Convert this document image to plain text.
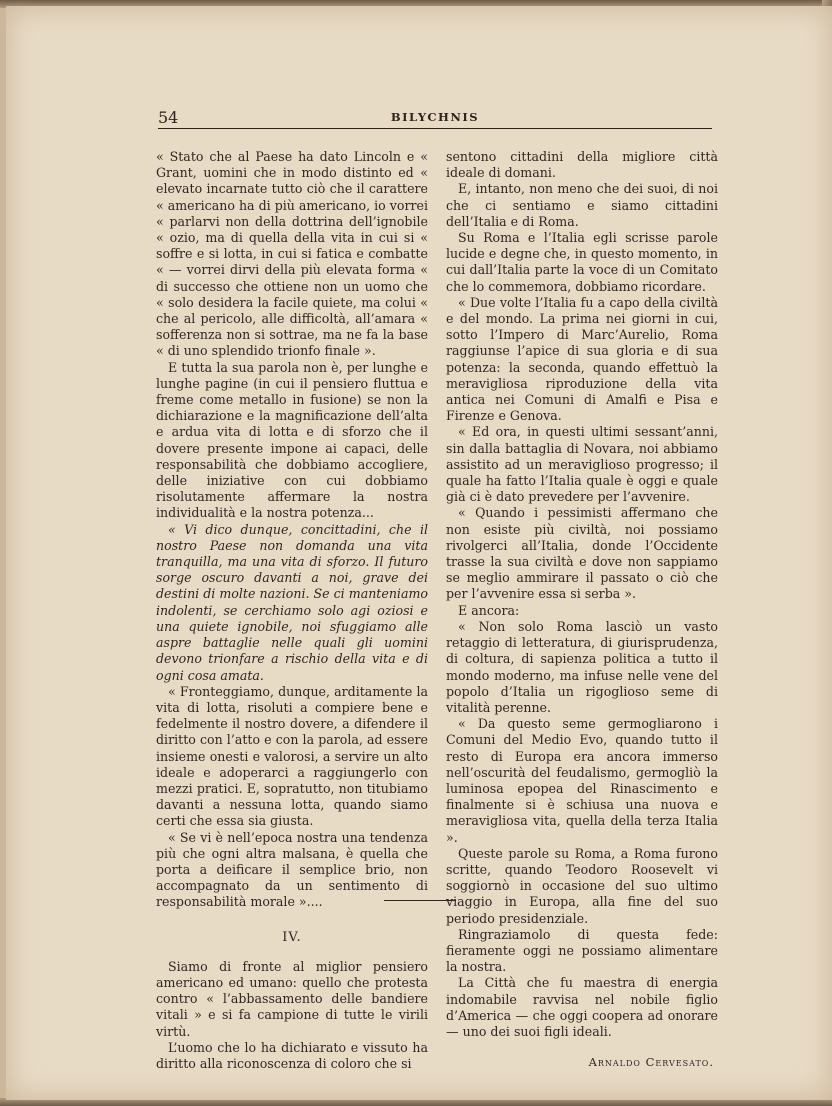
54	BILYCHNIS

« Stato che al Paese ha dato Lincoln e « Grant, uomini che in modo distinto ed « elevato incarnate tutto ciò che il carattere « americano ha di più americano, io vorrei « parlarvi non della dottrina dell’ignobile « ozio, ma di quella della vita in cui si « soffre e si lotta, in cui si fatica e combatte « — vorrei dirvi della più elevata forma « di successo che ottiene non un uomo che « solo desidera la facile quiete, ma colui « che al pericolo, alle difficoltà, all’amara « sofferenza non si sottrae, ma ne fa la base « di uno splendido trionfo finale ».

E tutta la sua parola non è, per lunghe e lunghe pagine (in cui il pensiero fluttua e freme come metallo in fusione) se non la dichiarazione e la magnificazione dell’alta e ardua vita di lotta e di sforzo che il dovere presente impone ai capaci, delle responsabilità che dobbiamo accogliere, delle iniziative con cui dobbiamo risolutamente affermare la nostra individualità e la nostra potenza...

« Vi dico dunque, concittadini, che il nostro Paese non domanda una vita tranquilla, ma una vita di sforzo. Il futuro sorge oscuro davanti a noi, grave dei destini di molte nazioni. Se ci manteniamo indolenti, se cerchiamo solo agi oziosi e una quiete ignobile, noi sfuggiamo alle aspre battaglie nelle quali gli uomini devono trionfare a rischio della vita e di ogni cosa amata.

« Fronteggiamo, dunque, arditamente la vita di lotta, risoluti a compiere bene e fedelmente il nostro dovere, a difendere il diritto con l’atto e con la parola, ad essere insieme onesti e valorosi, a servire un alto ideale e adoperarci a raggiungerlo con mezzi pratici. E, sopratutto, non titubiamo davanti a nessuna lotta, quando siamo certi che essa sia giusta.

« Se vi è nell’epoca nostra una tendenza più che ogni altra malsana, è quella che porta a deificare il semplice brio, non accompagnato da un sentimento di responsabilità morale »....

IV.

Siamo di fronte al miglior pensiero americano ed umano: quello che protesta contro « l’abbassamento delle bandiere vitali » e si fa campione di tutte le virili virtù.

L’uomo che lo ha dichiarato e vissuto ha diritto alla riconoscenza di coloro che si

sentono cittadini della migliore città ideale di domani.

E, intanto, non meno che dei suoi, di noi che ci sentiamo e siamo cittadini dell’Italia e di Roma.

Su Roma e l’Italia egli scrisse parole lucide e degne che, in questo momento, in cui dall’Italia parte la voce di un Comitato che lo commemora, dobbiamo ricordare.

« Due volte l’Italia fu a capo della civiltà e del mondo. La prima nei giorni in cui, sotto l’Impero di Marc’Aurelio, Roma raggiunse l’apice di sua gloria e di sua potenza: la seconda, quando effettuò la meravigliosa riproduzione della vita antica nei Comuni di Amalfi e Pisa e Firenze e Genova.

« Ed ora, in questi ultimi sessant’anni, sin dalla battaglia di Novara, noi abbiamo assistito ad un meraviglioso progresso; il quale ha fatto l’Italia quale è oggi e quale già ci è dato prevedere per l’avvenire.

« Quando i pessimisti affermano che non esiste più civiltà, noi possiamo rivolgerci all’Italia, donde l’Occidente trasse la sua civiltà e dove non sappiamo se meglio ammirare il passato o ciò che per l’avvenire essa si serba ».

E ancora:

« Non solo Roma lasciò un vasto retaggio di letteratura, di giurisprudenza, di coltura, di sapienza politica a tutto il mondo moderno, ma infuse nelle vene del popolo d’Italia un rigoglioso seme di vitalità perenne.

« Da questo seme germogliarono i Comuni del Medio Evo, quando tutto il resto di Europa era ancora immerso nell’oscurità del feudalismo, germogliò la luminosa epopea del Rinascimento e finalmente si è schiusa una nuova e meravigliosa vita, quella della terza Italia ».

Queste parole su Roma, a Roma furono scritte, quando Teodoro Roosevelt vi soggiornò in occasione del suo ultimo viaggio in Europa, alla fine del suo periodo presidenziale.

Ringraziamolo di questa fede: fieramente oggi ne possiamo alimentare la nostra.

La Città che fu maestra di energia indomabile ravvisa nel nobile figlio d’America — che oggi coopera ad onorare — uno dei suoi figli ideali.

Arnaldo Cervesato.
